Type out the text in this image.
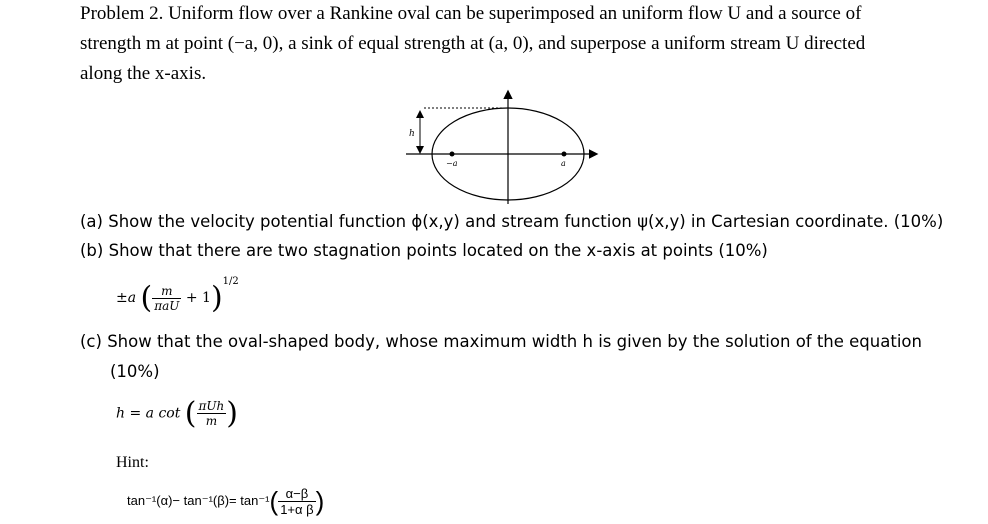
Problem 2. Uniform flow over a Rankine oval can be superimposed an uniform flow U and a source of
strength m at point (−a, 0), a sink of equal strength at (a, 0), and superpose a uniform stream U directed
along the x-axis.
h
−a	a
(a) Show the velocity potential function ϕ(x,y) and stream function ψ(x,y) in Cartesian coordinate. (10%)
(b) Show that there are two stagnation points located on the x-axis at points (10%)
±a ( $\frac{m}{\text{πaU}} + 1)^{1/2}$
(c) Show that the oval-shaped body, whose maximum width h is given by the solution of the equation
(10%)
h = a cot ( $\frac{\text{πUh}}{m}$ )
Hint:
$\tan^{-1}(\alpha)- \tan^{-1}(\beta)= \tan^{-1}( \frac{\alpha-\beta}{\text{1+α β}}$ )
